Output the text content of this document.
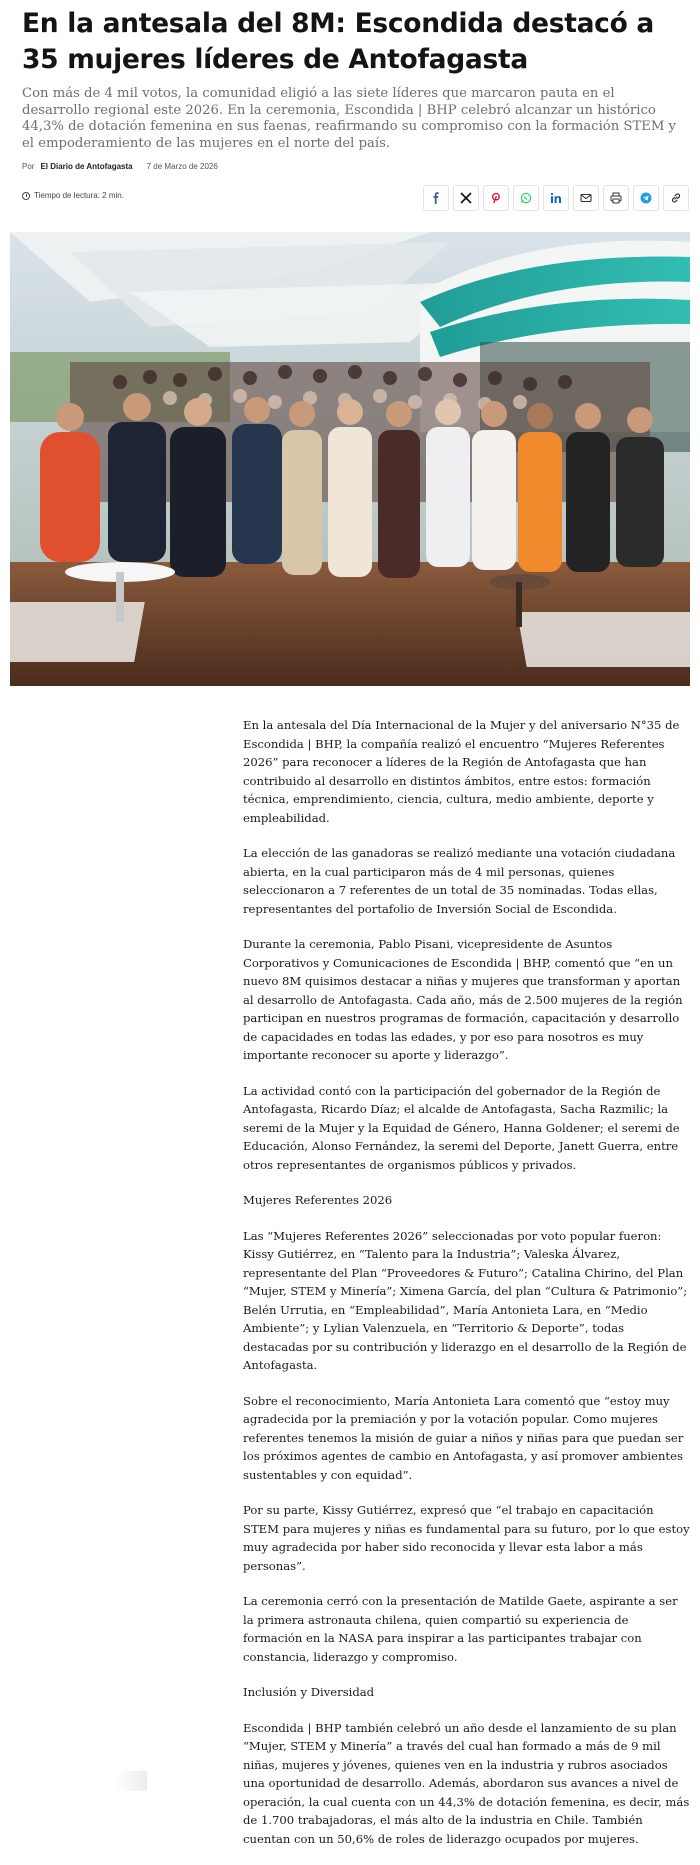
En la antesala del 8M: Escondida destacó a 35 mujeres líderes de Antofagasta

Con más de 4 mil votos, la comunidad eligió a las siete líderes que marcaron pauta en el desarrollo regional este 2026. En la ceremonia, Escondida | BHP celebró alcanzar un histórico 44,3% de dotación femenina en sus faenas, reafirmando su compromiso con la formación STEM y el empoderamiento de las mujeres en el norte del país.

Por El Diario de Antofagasta 7 de Marzo de 2026
Tiempo de lectura: 2 min.

En la antesala del Día Internacional de la Mujer y del aniversario N°35 de Escondida | BHP, la compañía realizó el encuentro “Mujeres Referentes 2026” para reconocer a líderes de la Región de Antofagasta que han contribuido al desarrollo en distintos ámbitos, entre estos: formación técnica, emprendimiento, ciencia, cultura, medio ambiente, deporte y empleabilidad.

La elección de las ganadoras se realizó mediante una votación ciudadana abierta, en la cual participaron más de 4 mil personas, quienes seleccionaron a 7 referentes de un total de 35 nominadas. Todas ellas, representantes del portafolio de Inversión Social de Escondida.

Durante la ceremonia, Pablo Pisani, vicepresidente de Asuntos Corporativos y Comunicaciones de Escondida | BHP, comentó que “en un nuevo 8M quisimos destacar a niñas y mujeres que transforman y aportan al desarrollo de Antofagasta. Cada año, más de 2.500 mujeres de la región participan en nuestros programas de formación, capacitación y desarrollo de capacidades en todas las edades, y por eso para nosotros es muy importante reconocer su aporte y liderazgo”.

La actividad contó con la participación del gobernador de la Región de Antofagasta, Ricardo Díaz; el alcalde de Antofagasta, Sacha Razmilic; la seremi de la Mujer y la Equidad de Género, Hanna Goldener; el seremi de Educación, Alonso Fernández, la seremi del Deporte, Janett Guerra, entre otros representantes de organismos públicos y privados.

Mujeres Referentes 2026

Las “Mujeres Referentes 2026” seleccionadas por voto popular fueron: Kissy Gutiérrez, en “Talento para la Industria”; Valeska Álvarez, representante del Plan “Proveedores & Futuro”; Catalina Chirino, del Plan “Mujer, STEM y Minería”; Ximena García, del plan “Cultura & Patrimonio”; Belén Urrutia, en “Empleabilidad”, María Antonieta Lara, en “Medio Ambiente”; y Lylian Valenzuela, en “Territorio & Deporte”, todas destacadas por su contribución y liderazgo en el desarrollo de la Región de Antofagasta.

Sobre el reconocimiento, María Antonieta Lara comentó que “estoy muy agradecida por la premiación y por la votación popular. Como mujeres referentes tenemos la misión de guiar a niños y niñas para que puedan ser los próximos agentes de cambio en Antofagasta, y así promover ambientes sustentables y con equidad”.

Por su parte, Kissy Gutiérrez, expresó que “el trabajo en capacitación STEM para mujeres y niñas es fundamental para su futuro, por lo que estoy muy agradecida por haber sido reconocida y llevar esta labor a más personas”.

La ceremonia cerró con la presentación de Matilde Gaete, aspirante a ser la primera astronauta chilena, quien compartió su experiencia de formación en la NASA para inspirar a las participantes trabajar con constancia, liderazgo y compromiso.

Inclusión y Diversidad

Escondida | BHP también celebró un año desde el lanzamiento de su plan “Mujer, STEM y Minería” a través del cual han formado a más de 9 mil niñas, mujeres y jóvenes, quienes ven en la industria y rubros asociados una oportunidad de desarrollo. Además, abordaron sus avances a nivel de operación, la cual cuenta con un 44,3% de dotación femenina, es decir, más de 1.700 trabajadoras, el más alto de la industria en Chile. También cuentan con un 50,6% de roles de liderazgo ocupados por mujeres.
